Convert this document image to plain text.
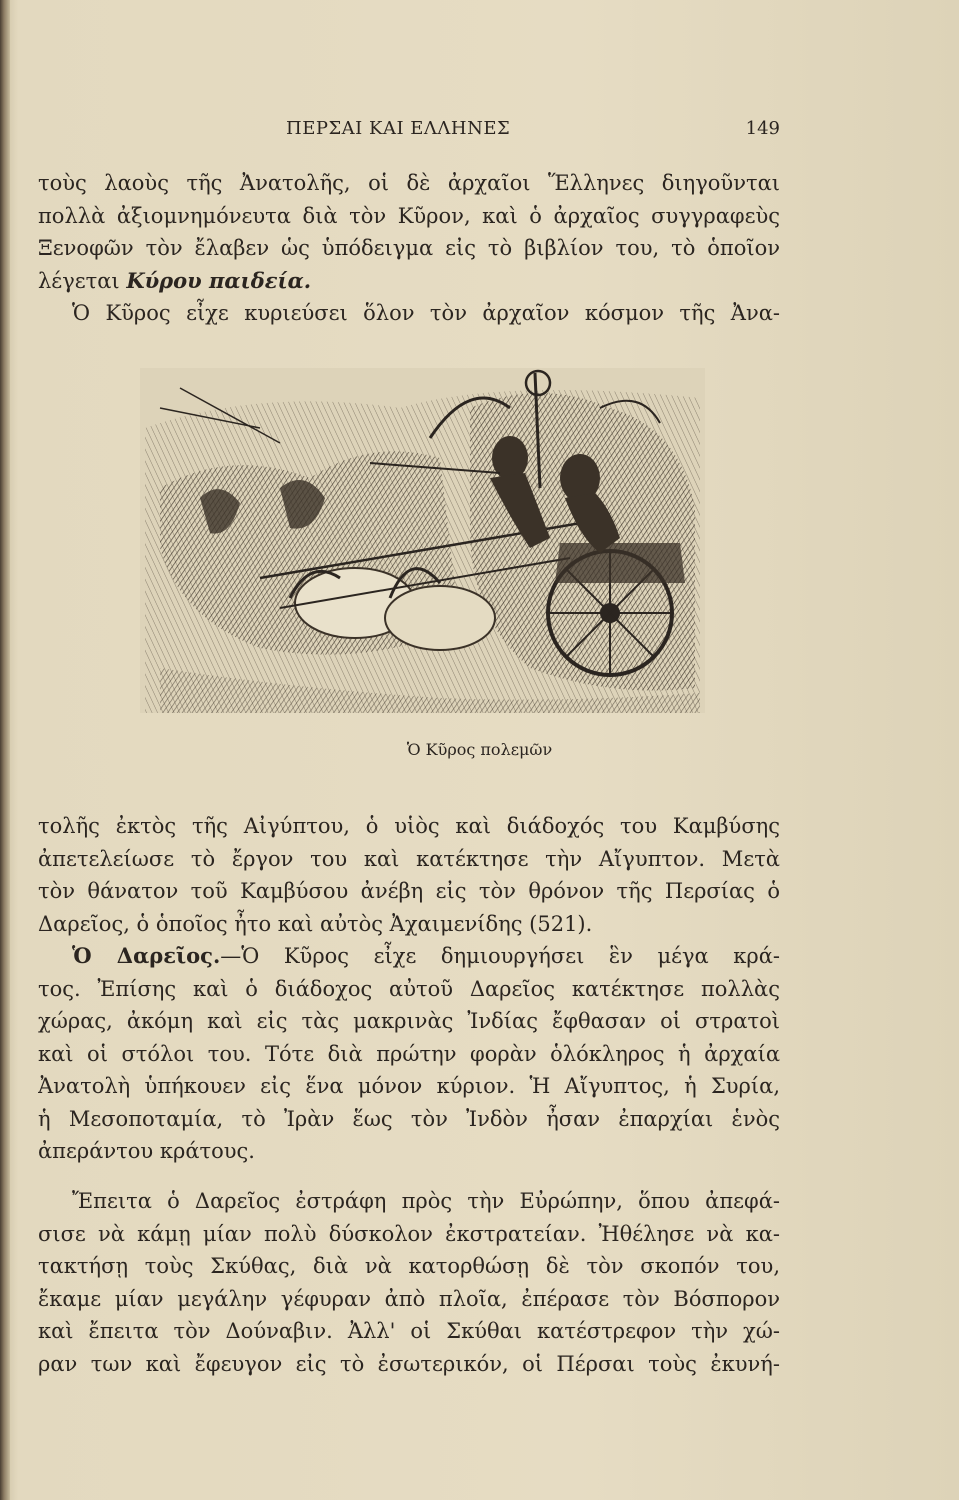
ΠΕΡΣΑΙ ΚΑΙ ΕΛΛΗΝΕΣ	149
τοὺς λαοὺς τῆς Ἀνατολῆς, οἱ δὲ ἀρχαῖοι Ἕλληνες διηγοῦνται
πολλὰ ἀξιομνημόνευτα διὰ τὸν Κῦρον, καὶ ὁ ἀρχαῖος συγγραφεὺς
Ξενοφῶν τὸν ἔλαβεν ὡς ὑπόδειγμα εἰς τὸ βιβλίον του, τὸ ὁποῖον
λέγεται Κύρου παιδεία.
Ὁ Κῦρος εἶχε κυριεύσει ὅλον τὸν ἀρχαῖον κόσμον τῆς Ἀνα-
Ὁ Κῦρος πολεμῶν
τολῆς ἐκτὸς τῆς Αἰγύπτου, ὁ υἱὸς καὶ διάδοχός του Καμβύσης
ἀπετελείωσε τὸ ἔργον του καὶ κατέκτησε τὴν Αἴγυπτον. Μετὰ
τὸν θάνατον τοῦ Καμβύσου ἀνέβη εἰς τὸν θρόνον τῆς Περσίας ὁ
Δαρεῖος, ὁ ὁποῖος ἦτο καὶ αὐτὸς Ἀχαιμενίδης (521).
Ὁ Δαρεῖος.—Ὁ Κῦρος εἶχε δημιουργήσει ἓν μέγα κρά-
τος. Ἐπίσης καὶ ὁ διάδοχος αὐτοῦ Δαρεῖος κατέκτησε πολλὰς
χώρας, ἀκόμη καὶ εἰς τὰς μακρινὰς Ἰνδίας ἔφθασαν οἱ στρατοὶ
καὶ οἱ στόλοι του. Τότε διὰ πρώτην φορὰν ὁλόκληρος ἡ ἀρχαία
Ἀνατολὴ ὑπήκουεν εἰς ἕνα μόνον κύριον. Ἡ Αἴγυπτος, ἡ Συρία,
ἡ Μεσοποταμία, τὸ Ἰρὰν ἕως τὸν Ἰνδὸν ἦσαν ἐπαρχίαι ἑνὸς
ἀπεράντου κράτους.
Ἔπειτα ὁ Δαρεῖος ἐστράφη πρὸς τὴν Εὐρώπην, ὅπου ἀπεφά-
σισε νὰ κάμῃ μίαν πολὺ δύσκολον ἐκστρατείαν. Ἠθέλησε νὰ κα-
τακτήσῃ τοὺς Σκύθας, διὰ νὰ κατορθώσῃ δὲ τὸν σκοπόν του,
ἔκαμε μίαν μεγάλην γέφυραν ἀπὸ πλοῖα, ἐπέρασε τὸν Βόσπορον
καὶ ἔπειτα τὸν Δούναβιν. Ἀλλ' οἱ Σκύθαι κατέστρεφον τὴν χώ-
ραν των καὶ ἔφευγον εἰς τὸ ἐσωτερικόν, οἱ Πέρσαι τοὺς ἐκυνή-
